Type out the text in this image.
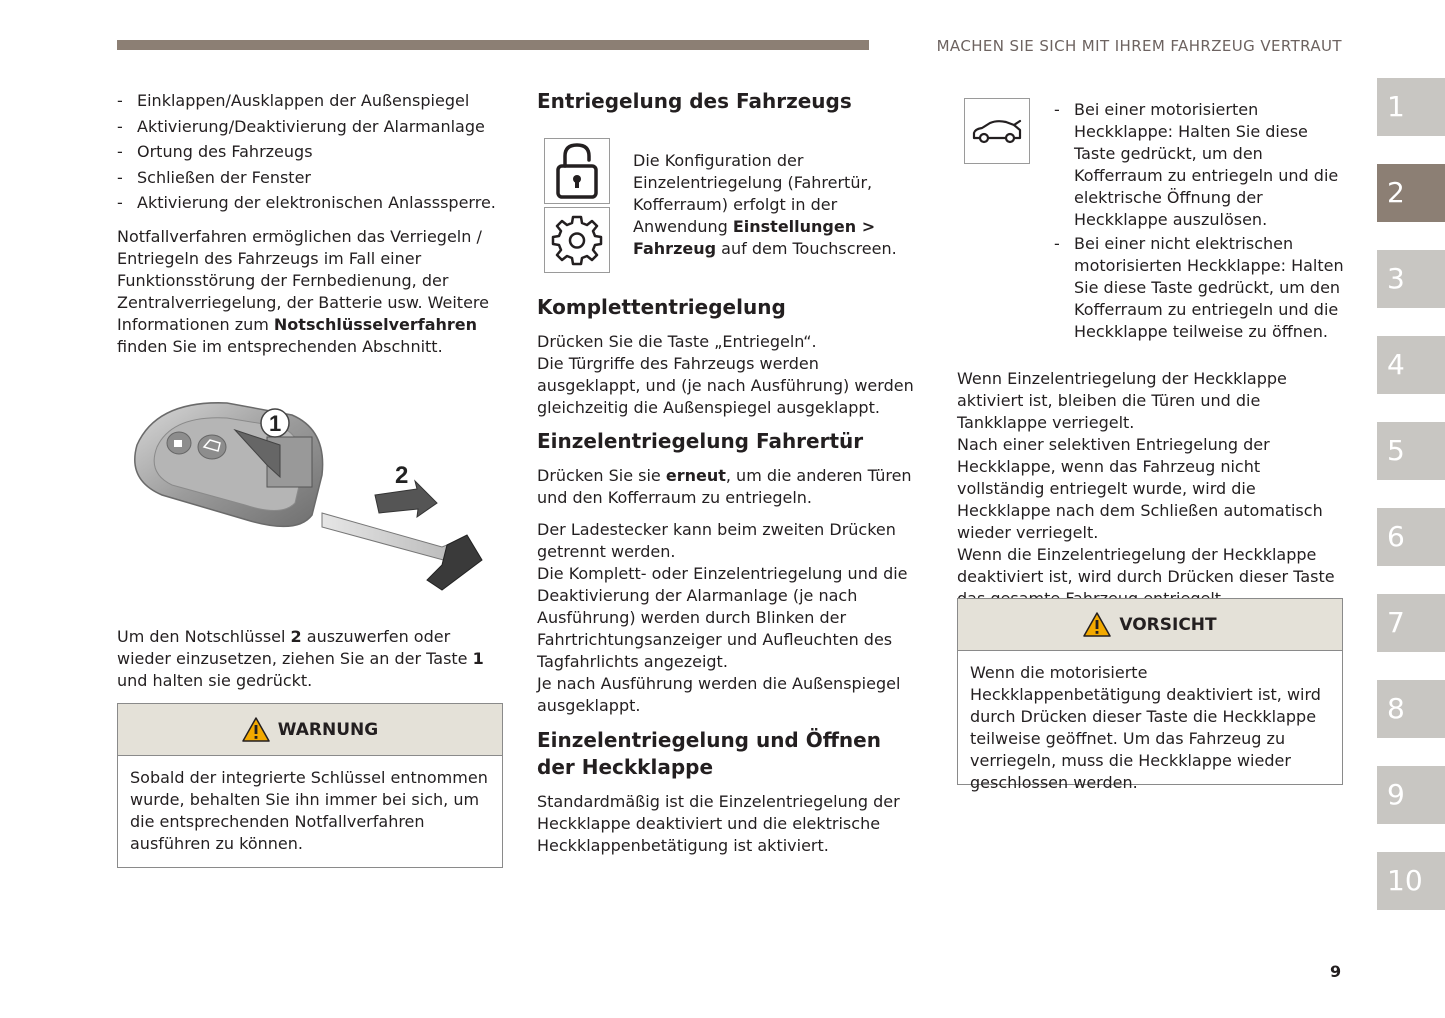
MACHEN SIE SICH MIT IHREM FAHRZEUG VERTRAUT
1
2
3
4
5
6
7
8
9
10
- Einklappen/Ausklappen der Außenspiegel
- Aktivierung/Deaktivierung der Alarmanlage
- Ortung des Fahrzeugs
- Schließen der Fenster
- Aktivierung der elektronischen Anlasssperre.

Notfallverfahren ermöglichen das Verriegeln / Entriegeln des Fahrzeugs im Fall einer Funktionsstörung der Fernbedienung, der Zentralverriegelung, der Batterie usw. Weitere Informationen zum Notschlüsselverfahren finden Sie im entsprechenden Abschnitt.

1
2

Um den Notschlüssel 2 auszuwerfen oder wieder einzusetzen, ziehen Sie an der Taste 1 und halten sie gedrückt.

WARNUNG
Sobald der integrierte Schlüssel entnommen wurde, behalten Sie ihn immer bei sich, um die entsprechenden Notfallverfahren ausführen zu können.
Entriegelung des Fahrzeugs

Die Konfiguration der Einzelentriegelung (Fahrertür, Kofferraum) erfolgt in der Anwendung Einstellungen > Fahrzeug auf dem Touchscreen.

Komplettentriegelung

Drücken Sie die Taste „Entriegeln“.

Die Türgriffe des Fahrzeugs werden ausgeklappt, und (je nach Ausführung) werden gleichzeitig die Außenspiegel ausgeklappt.

Einzelentriegelung Fahrertür

Drücken Sie sie erneut, um die anderen Türen und den Kofferraum zu entriegeln.

Der Ladestecker kann beim zweiten Drücken getrennt werden.

Die Komplett- oder Einzelentriegelung und die Deaktivierung der Alarmanlage (je nach Ausführung) werden durch Blinken der Fahrtrichtungsanzeiger und Aufleuchten des Tagfahrlichts angezeigt.

Je nach Ausführung werden die Außenspiegel ausgeklappt.

Einzelentriegelung und Öffnen der Heckklappe

Standardmäßig ist die Einzelentriegelung der Heckklappe deaktiviert und die elektrische Heckklappenbetätigung ist aktiviert.

- Bei einer motorisierten Heckklappe: Halten Sie diese Taste gedrückt, um den Kofferraum zu entriegeln und die elektrische Öffnung der Heckklappe auszulösen.
- Bei einer nicht elektrischen motorisierten Heckklappe: Halten Sie diese Taste gedrückt, um den Kofferraum zu entriegeln und die Heckklappe teilweise zu öffnen.

Wenn Einzelentriegelung der Heckklappe aktiviert ist, bleiben die Türen und die Tankklappe verriegelt.

Nach einer selektiven Entriegelung der Heckklappe, wenn das Fahrzeug nicht vollständig entriegelt wurde, wird die Heckklappe nach dem Schließen automatisch wieder verriegelt.

Wenn die Einzelentriegelung der Heckklappe deaktiviert ist, wird durch Drücken dieser Taste

VORSICHT
Wenn die motorisierte Heckklappenbetätigung deaktiviert ist, wird durch Drücken dieser Taste die Heckklappe teilweise geöffnet. Um das Fahrzeug zu verriegeln, muss die Heckklappe wieder geschlossen werden.
9
